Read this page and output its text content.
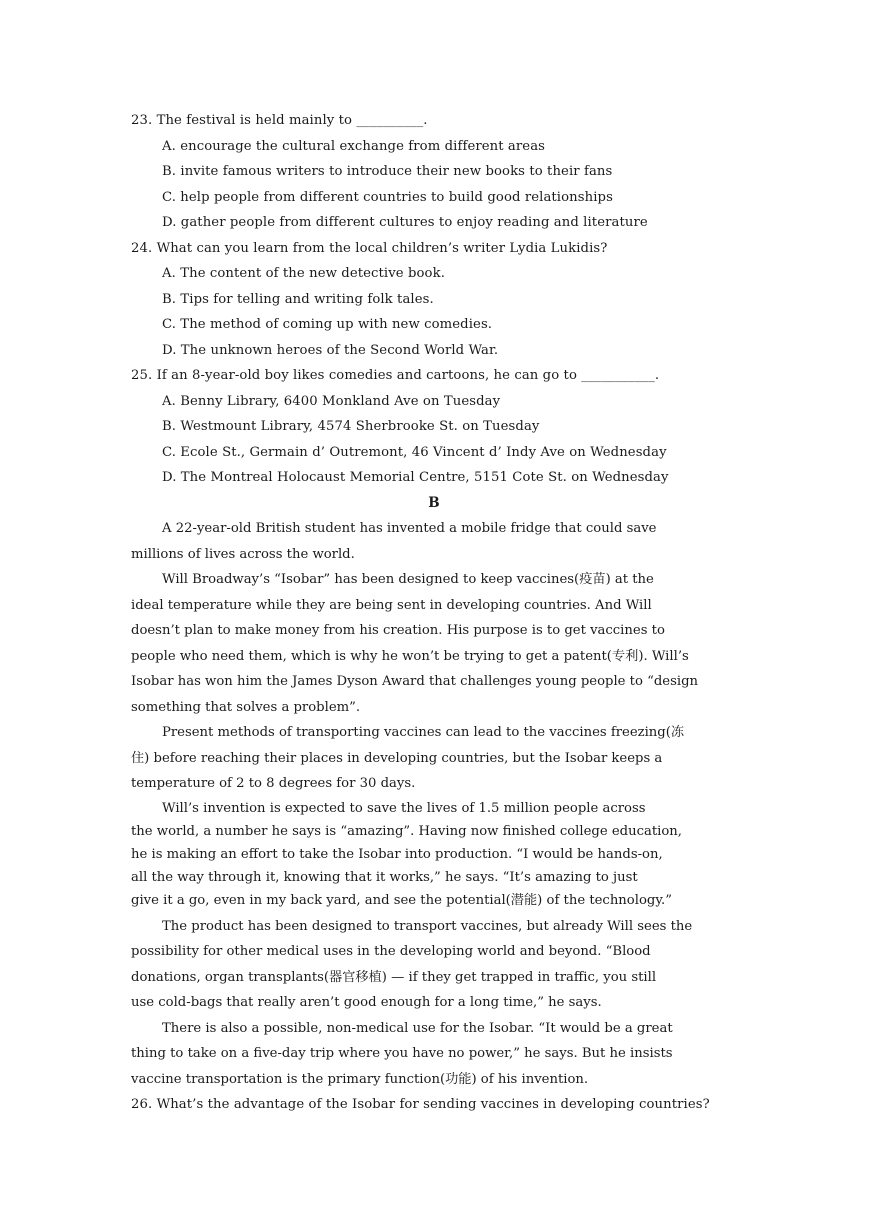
23. The festival is held mainly to __________.
A. encourage the cultural exchange from different areas
B. invite famous writers to introduce their new books to their fans
C. help people from different countries to build good relationships
D. gather people from different cultures to enjoy reading and literature
24. What can you learn from the local children’s writer Lydia Lukidis?
A. The content of the new detective book.
B. Tips for telling and writing folk tales.
C. The method of coming up with new comedies.
D. The unknown heroes of the Second World War.
25. If an 8-year-old boy likes comedies and cartoons, he can go to ___________.
A. Benny Library, 6400 Monkland Ave on Tuesday
B. Westmount Library, 4574 Sherbrooke St. on Tuesday
C. Ecole St., Germain d’ Outremont, 46 Vincent d’ Indy Ave on Wednesday
D. The Montreal Holocaust Memorial Centre, 5151 Cote St. on Wednesday
B
A 22-year-old British student has invented a mobile fridge that could save
millions of lives across the world.
Will Broadway’s “Isobar” has been designed to keep vaccines(疫苗) at the
ideal temperature while they are being sent in developing countries. And Will
doesn’t plan to make money from his creation. His purpose is to get vaccines to
people who need them, which is why he won’t be trying to get a patent(专利). Will’s
Isobar has won him the James Dyson Award that challenges young people to “design
something that solves a problem”.
Present methods of transporting vaccines can lead to the vaccines freezing(冻
住) before reaching their places in developing countries, but the Isobar keeps a
temperature of 2 to 8 degrees for 30 days.
Will’s invention is expected to save the lives of 1.5 million people across
the world, a number he says is “amazing”. Having now finished college education,
he is making an effort to take the Isobar into production. “I would be hands-on,
all the way through it, knowing that it works,” he says. “It’s amazing to just
give it a go, even in my back yard, and see the potential(潜能) of the technology.”
The product has been designed to transport vaccines, but already Will sees the
possibility for other medical uses in the developing world and beyond. “Blood
donations, organ transplants(器官移植) — if they get trapped in traffic, you still
use cold-bags that really aren’t good enough for a long time,” he says.
There is also a possible, non-medical use for the Isobar. “It would be a great
thing to take on a five-day trip where you have no power,” he says. But he insists
vaccine transportation is the primary function(功能) of his invention.
26. What’s the advantage of the Isobar for sending vaccines in developing countries?
